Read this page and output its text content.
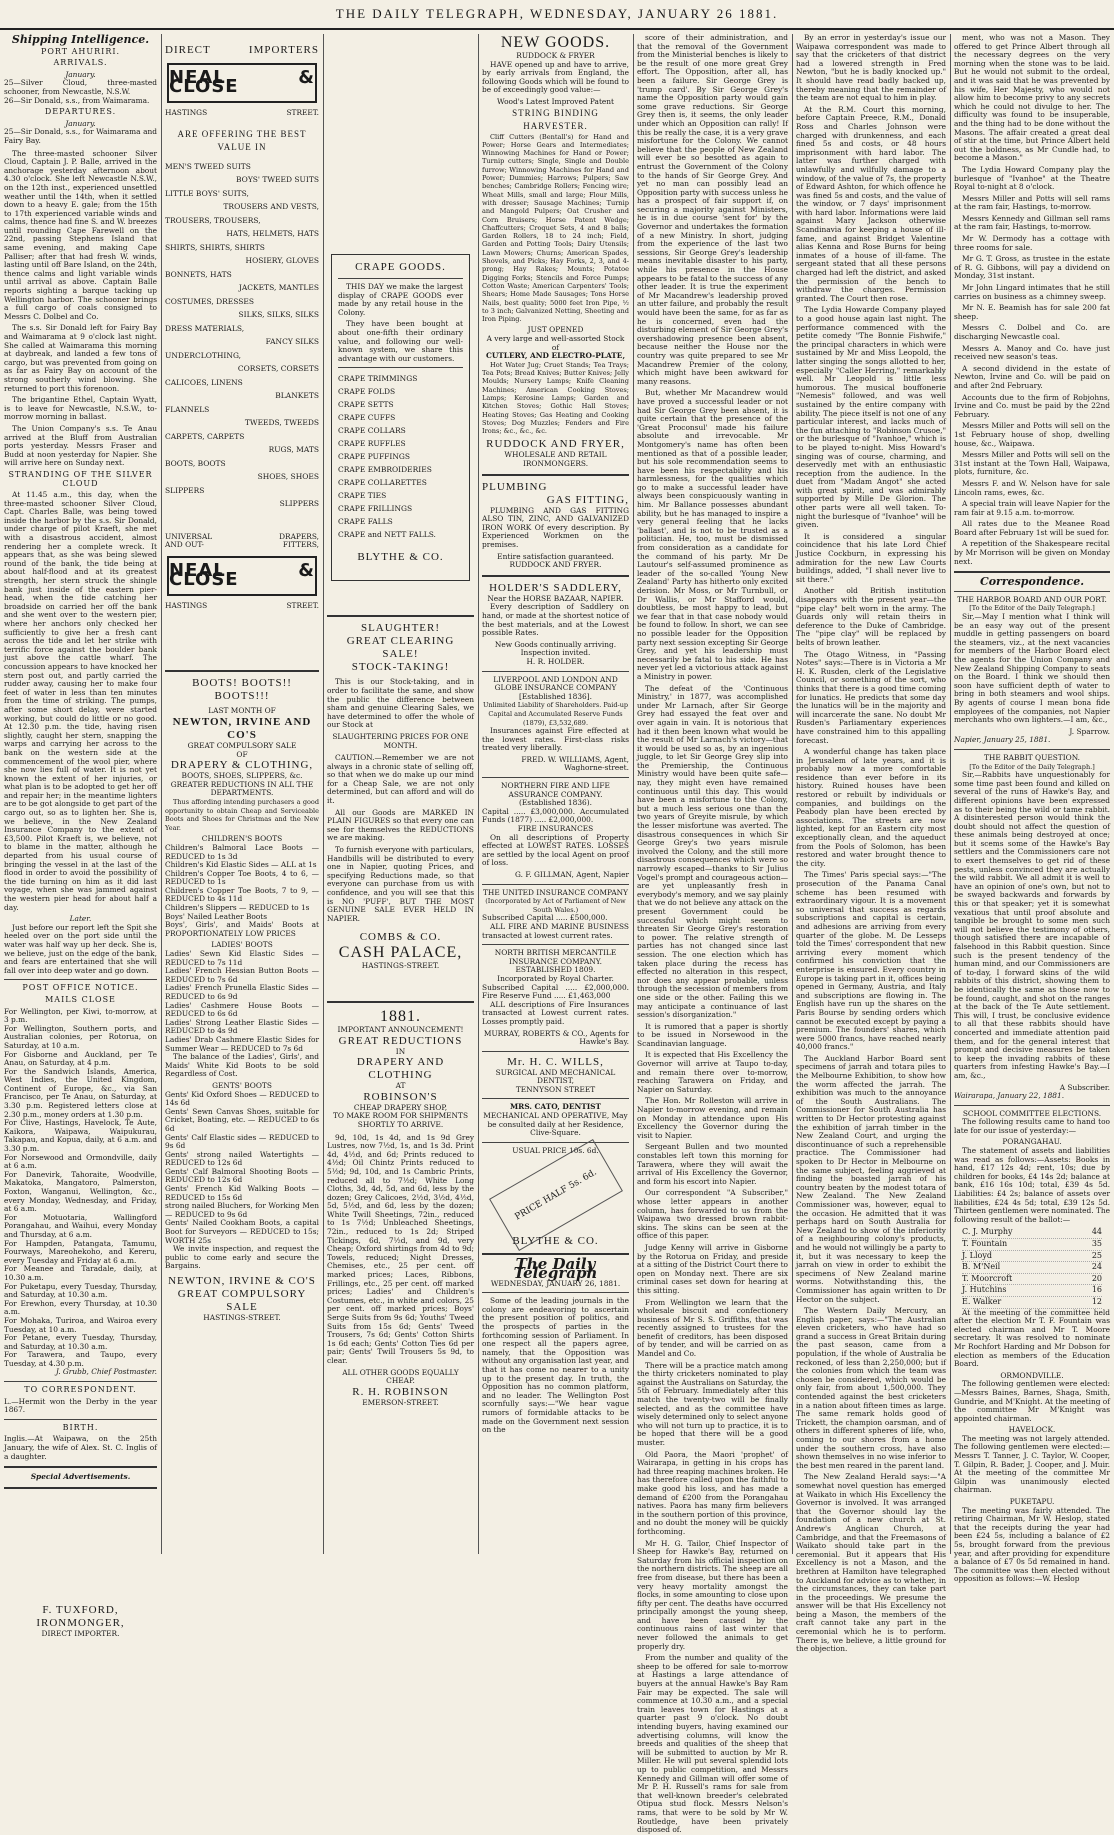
THE DAILY TELEGRAPH, WEDNESDAY, JANUARY 26 1881.
Shipping Intelligence.
PORT AHURIRI.
ARRIVALS.
January.
25—Silver Cloud, three-masted schooner, from Newcastle, N.S.W.
26—Sir Donald, s.s., from Waimarama.
DEPARTURES.
January.
25—Sir Donald, s.s., for Waimarama and Fairy Bay.

The three-masted schooner Silver Cloud, Captain J. P. Balle, arrived in the anchorage yesterday afternoon about 4.30 o'clock. She left Newcastle N.S.W., on the 12th inst., experienced unsettled weather until the 14th, when it settled down to a heavy E. gale; from the 15th to 17th experienced variable winds and calms, thence had fine S. and W. breezes until rounding Cape Farewell on the 22nd, passing Stephens Island that same evening, and making Cape Palliser; after that had fresh W. winds, lasting until off Bare Island, on the 24th, thence calms and light variable winds until arrival as above. Captain Balle reports sighting a barque tacking up Wellington harbor. The schooner brings a full cargo of coals consigned to Messrs C. Dolbel and Co.

The s.s. Sir Donald left for Fairy Bay and Waimarama at 9 o'clock last night. She called at Waimarama this morning at daybreak, and landed a few tons of cargo, but was prevented from going on as far as Fairy Bay on account of the strong southerly wind blowing. She returned to port this forenoon.

The brigantine Ethel, Captain Wyatt, is to leave for Newcastle, N.S.W., to-morrow morning in ballast.

The Union Company's s.s. Te Anau arrived at the Bluff from Australian ports yesterday. Messrs Fraser and Budd at noon yesterday for Napier. She will arrive here on Sunday next.

STRANDING OF THE SILVER CLOUD

At 11.45 a.m., this day, when the three-masted schooner Silver Cloud, Capt. Charles Balle, was being towed inside the harbor by the s.s. Sir Donald, under charge of pilot Kraeft, she met with a disastrous accident, almost rendering her a complete wreck. It appears that, as she was being slewed round of the bank, the tide being at about half-flood and at its greatest strength, her stern struck the shingle bank just inside of the eastern pier-head, when the tide catching her broadside on carried her off the bank and she went over to the western pier, where her anchors only checked her sufficiently to give her a fresh cant across the tide and let her strike with terrific force against the boulder bank just above the cattle wharf. The concussion appears to have knocked her stern post out, and partly carried the rudder away, causing her to make four feet of water in less than ten minutes from the time of striking. The pumps, after some short delay, were started working, but could do little or no good. At 12.30 p.m. the tide, having risen slightly, caught her stern, snapping the warps and carrying her across to the bank on the western side at the commencement of the wool pier, where she now lies full of water. It is not yet known the extent of her injuries, or what plan is to be adopted to get her off and repair her; in the meantime lighters are to be got alongside to get part of the cargo out, so as to lighten her. She is, we believe, in the New Zealand Insurance Company to the extent of £3,500. Pilot Kraeft is, we believe, not to blame in the matter, although he departed from his usual course of bringing the vessel in at the last of the flood in order to avoid the possibility of the tide turning on him as it did last voyage, when she was jammed against the western pier head for about half a day.

Later.

Just before our report left the Spit she heeled over on the port side until the water was half way up her deck. She is, we believe, just on the edge of the bank, and fears are entertained that she will fall over into deep water and go down.

POST OFFICE NOTICE.
MAILS CLOSE
For Wellington, per Kiwi, to-morrow, at 3 p.m.
For Wellington, Southern ports, and Australian colonies, per Rotorua, on Saturday, at 10 a.m.
For Gisborne and Auckland, per Te Anau, on Saturday, at 4 p.m.
For the Sandwich Islands, America, West Indies, the United Kingdom, Continent of Europe, &c., via San Francisco, per Te Anau, on Saturday, at 3.30 p.m. Registered letters close at 2.30 p.m., money orders at 1.30 p.m.
For Clive, Hastings, Havelock, Te Aute, Kaikora, Waipawa, Waipukurau, Takapau, and Kopua, daily, at 6 a.m. and 3.30 p.m.
For Norsewood and Ormondville, daily at 6 a.m.
For Danevirk, Tahoraite, Woodville, Makatoka, Mangatoro, Palmerston, Foxton, Wanganui, Wellington, &c., every Monday, Wednesday, and Friday, at 6 a.m.
For Motuotaria, Wallingford Porangahau, and Waihui, every Monday and Thursday, at 6 a.m.
For Hampden, Patangata, Tamumu, Fourways, Mareohekoho, and Kereru, every Tuesday and Friday at 6 a.m.
For Meanee and Taradale, daily, at 10.30 a.m.
For Puketapu, every Tuesday, Thursday, and Saturday, at 10.30 a.m.
For Erewhon, every Thursday, at 10.30 a.m.
For Mohaka, Turiroa, and Wairoa every Tuesday, at 10 a.m.
For Petane, every Tuesday, Thursday, and Saturday, at 10.30 a.m.
For Tarawera, and Taupo, every Tuesday, at 4.30 p.m.
J. Grubb, Chief Postmaster.
TO CORRESPONDENT.
L.—Hermit won the Derby in the year 1867.
BIRTH.
Inglis.—At Waipawa, on the 25th January, the wife of Alex. St. C. Inglis of a daughter.
Special Advertisements.
F. TUXFORD,
IRONMONGER,
DIRECT IMPORTER.
DIRECT	IMPORTERS
NEAL & CLOSE
HASTINGS	STREET.
ARE OFFERING THE BEST VALUE IN
MEN'S TWEED SUITS
BOYS' TWEED SUITS
LITTLE BOYS' SUITS,
TROUSERS AND VESTS,
TROUSERS, TROUSERS,
HATS, HELMETS, HATS
SHIRTS, SHIRTS, SHIRTS
HOSIERY, GLOVES
BONNETS, HATS
JACKETS, MANTLES
COSTUMES, DRESSES
SILKS, SILKS, SILKS
DRESS MATERIALS,
FANCY SILKS
UNDERCLOTHING,
CORSETS, CORSETS
CALICOES, LINENS
BLANKETS
FLANNELS
TWEEDS, TWEEDS
CARPETS, CARPETS
RUGS, MATS
BOOTS, BOOTS
SHOES, SHOES
SLIPPERS
SLIPPERS
UNIVERSAL	DRAPERS,
AND OUT-	FITTERS,
NEAL & CLOSE
HASTINGS	STREET.
BOOTS! BOOTS!! BOOTS!!!
LAST MONTH OF
NEWTON, IRVINE AND CO'S
GREAT COMPULSORY SALE
OF
DRAPERY & CLOTHING,
BOOTS, SHOES, SLIPPERS, &c.
GREATER REDUCTIONS IN ALL THE DEPARTMENTS.

Thus affording intending purchasers a good opportunity to obtain Cheap and Serviceable Boots and Shoes for Christmas and the New Year.

CHILDREN'S BOOTS
Children's Balmoral Lace Boots — REDUCED to 1s 3d
Children's Kid Elastic Sides — ALL at 1s
Children's Copper Toe Boots, 4 to 6, — REDUCED to 1s
Children's Copper Toe Boots, 7 to 9, — REDUCED to 4s 11d
Children's Slippers — REDUCED to 1s
Boys' Nailed Leather Boots
Boys', Girls', and Maids' Boots at PROPORTIONATELY LOW PRICES
LADIES' BOOTS
Ladies' Sewn Kid Elastic Sides — REDUCED to 7s 11d
Ladies' French Hessian Button Boots — REDUCED to 7s 6d
Ladies' French Prunella Elastic Sides — REDUCED to 6s 9d
Ladies' Cashmere House Boots — REDUCED to 6s 6d
Ladies' Strong Leather Elastic Sides — REDUCED to 4s 9d
Ladies' Drab Cashmere Elastic Sides for Summer Wear — REDUCED to 7s 6d

The balance of the Ladies', Girls', and Maids' White Kid Boots to be sold Regardless of Cost.

GENTS' BOOTS
Gents' Kid Oxford Shoes — REDUCED to 14s 6d
Gents' Sewn Canvas Shoes, suitable for Cricket, Boating, etc. — REDUCED to 6s 6d
Gents' Calf Elastic sides — REDUCED to 9s 6d
Gents' strong nailed Watertights — REDUCED to 12s 6d
Gents' Calf Balmoral Shooting Boots — REDUCED to 12s 6d
Gents' French Kid Walking Boots — REDUCED to 15s 6d
strong nailed Bluchers, for Working Men — REDUCED to 9s 6d
Gents' Nailed Cookham Boots, a capital Boot for Surveyors — REDUCED to 15s; WORTH 25s

We invite inspection, and request the public to come early and secure the Bargains.

NEWTON, IRVINE & CO'S
GREAT COMPULSORY SALE
HASTINGS-STREET.
CRAPE GOODS.

THIS DAY we make the largest display of CRAPE GOODS ever made by any retail house in the Colony.

They have been bought at about one-fifth their ordinary value, and following our well-known system, we share this advantage with our customers.

CRAPE TRIMMINGS
CRAPE FOLDS
CRAPE SETTS
CRAPE CUFFS
CRAPE COLLARS
CRAPE RUFFLES
CRAPE PUFFINGS
CRAPE EMBROIDERIES
CRAPE COLLARETTES
CRAPE TIES
CRAPE FRILLINGS
CRAPE FALLS
CRAPE and NETT FALLS.
BLYTHE & CO.
SLAUGHTER!
GREAT CLEARING SALE!
STOCK-TAKING!

This is our Stock-taking, and in order to facilitate the same, and show the public the difference between sham and genuine Clearing Sales, we have determined to offer the whole of our Stock at

SLAUGHTERING PRICES FOR ONE MONTH.

CAUTION.—Remember we are not always in a chronic state of selling off, so that when we do make up our mind for a Cheap Sale, we are not only determined, but can afford and will do it.

All our Goods are MARKED IN PLAIN FIGURES so that every one can see for themselves the REDUCTIONS we are making.

To furnish everyone with particulars, Handbills will be distributed to every one in Napier, quoting Prices, and specifying Reductions made, so that everyone can purchase from us with confidence, and you will see that this is NO 'PUFF', BUT THE MOST GENUINE SALE EVER HELD IN NAPIER.

COMBS & CO.
CASH PALACE,
HASTINGS-STREET.
1881.
IMPORTANT ANNOUNCEMENT!
GREAT REDUCTIONS
IN
DRAPERY AND CLOTHING
AT
ROBINSON'S
CHEAP DRAPERY SHOP,
TO MAKE ROOM FOR SHIPMENTS SHORTLY TO ARRIVE.

9d, 10d, 1s 4d, and 1s 9d Grey Lustres, now 7½d, 1s, and 1s 3d. Print 4d, 4½d, and 6d; Prints reduced to 4½d; Oil Chintz Prints reduced to 5½d; 9d, 10d, and 1s Cambric Prints, reduced all to 7½d; White Long Cloths, 3d, 4d, 5d, and 6d, less by the dozen; Grey Calicoes, 2½d, 3½d, 4½d, 5d, 5½d, and 6d, less by the dozen; White Twill Sheetings, 72in., reduced to 1s 7½d; Unbleached Sheetings, 72in., reduced to 1s 2d; Striped Tickings, 6d, 7½d, and 9d, very Cheap; Oxford shirtings from 4d to 9d; Towels, reduced; Night Dresses, Chemises, etc., 25 per cent. off marked prices; Laces, Ribbons, Frillings, etc., 25 per cent. off marked prices; Ladies' and Children's Costumes, etc., in white and colors, 25 per cent. off marked prices; Boys' Serge Suits from 9s 6d; Youths' Tweed Suits from 15s 6d; Gents' Tweed Trousers, 7s 6d; Gents' Cotton Shirts 1s 6d each; Gents' Cotton Ties 6d per pair; Gents' Twill Trousers 5s 9d, to clear.

ALL OTHER GOODS EQUALLY CHEAP.
R. H. ROBINSON
EMERSON-STREET.
NEW GOODS.
RUDDOCK & FRYER

HAVE opened up and have to arrive, by early arrivals from England, the following Goods which will be found to be of exceedingly good value:—

Wood's Latest Improved Patent
STRING BINDING HARVESTER.

Cliff Cutters (Bentall's) for Hand and Power; Horse Gears and Intermediates; Winnowing Machines for Hand or Power; Turnip cutters; Single, Single and Double furrow; Winnowing Machines for Hand and Power; Dummies; Harrows; Pulpers; Saw benches; Cambridge Rollers; Fencing wire; Wheat Mills, small and large; Flour Mills, with dresser; Sausage Machines; Turnip and Mangold Pulpers; Oat Crusher and Corn Bruisers; Horse Patent Wedge; Chaffcutters; Croquet Sets, 4 and 8 balls; Garden Rollers, 18 to 24 inch; Field, Garden and Potting Tools; Dairy Utensils; Lawn Mowers; Churns; American Spades, Shovels, and Picks; Hay Forks, 2, 3, and 4-prong; Hay Rakes; Mounts; Potatoe Digging Forks; Stencils and Force Pumps; Cotton Waste; American Carpenters' Tools; Shears; Home Made Sausages; Tons Horse Nails, best quality; 5000 feet Iron Pipe, ½ to 3 inch; Galvanized Netting, Sheeting and Iron Piping.

JUST OPENED
A very large and well-assorted Stock of
CUTLERY, AND ELECTRO-PLATE,

Hot Water Jug; Cruet Stands; Tea Trays; Tea Pots; Bread Knives; Butter Knives; Jelly Moulds; Nursery Lamps; Knife Cleaning Machines; American Cooking Stoves; Lamps; Kerosine Lamps; Garden and Kitchen Stoves; Gothic Hall Stoves; Heating Stoves; Gas Heating and Cooking Stoves; Dog Muzzles; Fenders and Fire Irons; &c., &c., &c.

RUDDOCK AND FRYER,
WHOLESALE AND RETAIL
IRONMONGERS.
PLUMBING
GAS FITTING,

PLUMBING AND GAS FITTING ALSO TIN, ZINC, AND GALVANIZED IRON WORK Of every description. By Experienced Workmen on the premises.

Entire satisfaction guaranteed.
RUDDOCK AND FRYER.
HOLDER'S SADDLERY,
Near the HORSE BAZAAR, NAPIER.

Every description of Saddlery on hand, or made at the shortest notice of the best materials, and at the Lowest possible Rates.

New Goods continually arriving. Inspection invited.
H. R. HOLDER.
LIVERPOOL AND LONDON AND GLOBE INSURANCE COMPANY
[Established 1836].
Unlimited Liability of Shareholders. Paid-up Capital and Accumulated Reserve Funds (1879), £3,532,689.

Insurances against Fire effected at the lowest rates. First-class risks treated very liberally.

FRED. W. WILLIAMS, Agent, Waghorne-street.
NORTHERN FIRE AND LIFE ASSURANCE COMPANY.
(Established 1836).
Capital ..... £3,000,000. Accumulated Funds (1877) ..... £2,000,000.
FIRE INSURANCES

On all descriptions of Property effected at LOWEST RATES. LOSSES are settled by the local Agent on proof of loss.

G. F. GILLMAN, Agent, Napier
THE UNITED INSURANCE COMPANY
(Incorporated by Act of Parliament of New South Wales.)
Subscribed Capital ..... £500,000.

ALL FIRE AND MARINE BUSINESS transacted at lowest current rates.

NORTH BRITISH MERCANTILE INSURANCE COMPANY.
ESTABLISHED 1809.
Incorporated by Royal Charter.
Subscribed Capital ..... £2,000,000. Fire Reserve Fund ..... £1,463,000

ALL descriptions of Fire Insurances transacted at Lowest current rates. Losses promptly paid.

MURRAY, ROBERTS & CO., Agents for Hawke's Bay.
Mr. H. C. WILLS,
SURGICAL AND MECHANICAL DENTIST,
TENNYSON STREET
MRS. CATO, DENTIST
MECHANICAL AND OPERATIVE, May be consulted daily at her Residence, Clive-Square.
USUAL PRICE 10s. 6d.
PRICE HALF 5s. 6d.
BLYTHE & CO.
The Daily Telegraph
WEDNESDAY, JANUARY 26, 1881.

Some of the leading journals in the colony are endeavoring to ascertain the present position of politics, and the prospects of parties in the forthcoming session of Parliament. In one respect all the papers agree, namely, that the Opposition was without any organisation last year, and that it has come no nearer to a unity up to the present day. In truth, the Opposition has no common platform, and no leader. The Wellington Post scornfully says:—"We hear vague rumors of formidable attacks to be made on the Government next session on the

score of their administration, and that the removal of the Government from the Ministerial benches is likely to be the result of one more great Grey effort. The Opposition, after all, has been a failure. Sir George Grey is 'trump card'. By Sir George Grey's name the Opposition party would gain some grave reductions. Sir George Grey then is, it seems, the only leader under which an Opposition can rally! If this be really the case, it is a very grave misfortune for the Colony. We cannot believe that the people of New Zealand will ever be so besotted as again to entrust the Government of the Colony to the hands of Sir George Grey. And yet no man can possibly lead an Opposition party with success unless he has a prospect of fair support if, on securing a majority against Ministers, he is in due course 'sent for' by the Governor and undertakes the formation of a new Ministry. In short, judging from the experience of the last two sessions, Sir George Grey's leadership means inevitable disaster to his party, while his presence in the House appears to be fatal to the success of any other leader. It is true the experiment of Mr Macandrew's leadership proved an utter failure, and probably the result would have been the same, for as far as he is concerned, even had the disturbing element of Sir George Grey's overshadowing presence been absent, because neither the House nor the country was quite prepared to see Mr Macandrew Premier of the colony, which might have been awkward for many reasons.

But, whether Mr Macandrew would have proved a successful leader or not had Sir George Grey been absent, it is quite certain that the presence of the 'Great Proconsul' made his failure absolute and irrevocable. Mr Montgomery's name has often been mentioned as that of a possible leader, but his sole recommendation seems to have been his respectability and his harmlessness, for the qualities which go to make a successful leader have always been conspicuously wanting in him. Mr Ballance possesses abundant ability, but he has managed to inspire a very general feeling that he lacks 'ballast', and is not to be trusted as a politician. He, too, must be dismissed from consideration as a candidate for the command of his party. Mr De Lautour's self-assumed prominence as leader of the so-called 'Young New Zealand' Party has hitherto only excited derision. Mr Moss, or Mr Turnbull, or Dr Wallis, or Mr Stafford would, doubtless, be most happy to lead, but we fear that in that case nobody would be found to follow. In short, we can see no possible leader for the Opposition party next session excepting Sir George Grey, and yet his leadership must necessarily be fatal to his side. He has never yet led a victorious attack against a Ministry in power.

The defeat of the 'Continuous Ministry,' in 1877, was accomplished under Mr Larnach, after Sir George Grey had essayed the feat over and over again in vain. It is notorious that had it then been known what would be the result of Mr Larnach's victory—that it would be used so as, by an ingenious juggle, to let Sir George Grey slip into the Premiership, the Continuous Ministry would have been quite safe—nay, they might even have remained continuous until this day. This would have been a misfortune to the Colony, but a much less serious one than the two years of Greyite misrule, by which the lesser misfortune was averted. The disastrous consequences in which Sir George Grey's two years misrule involved the Colony, and the still more disastrous consequences which were so narrowly escaped—thanks to Sir Julius Vogel's prompt and courageous action—are yet unpleasantly fresh in everybody's memory, and we say plainly that we do not believe any attack on the present Government could be successful which might seem to threaten Sir George Grey's restoration to power. The relative strength of parties has not changed since last session. The one election which has taken place during the recess has effected no alteration in this respect, nor does any appear probable, unless through the secession of members from one side or the other. Failing this we may anticipate a continuance of last session's disorganization."

It is rumored that a paper is shortly to be issued in Norsewood in the Scandinavian language.

It is expected that His Excellency the Governor will arrive at Taupo to-day, and remain there over to-morrow, reaching Tarawera on Friday, and Napier on Saturday.

The Hon. Mr Rolleston will arrive in Napier to-morrow evening, and remain on Monday in attendance upon His Excellency the Governor during the visit to Napier.

Sergeant Bullen and two mounted constables left town this morning for Tarawera, where they will await the arrival of His Excellency the Governor, and form his escort into Napier.

Our correspondent "A Subscriber," whose letter appears in another column, has forwarded to us from the Waipawa two dressed brown rabbit-skins. The skins can be seen at the office of this paper.

Judge Kenny will arrive in Gisborne by the Rotorua on Friday, and preside at a sitting of the District Court there to open on Monday next. There are six criminal cases set down for hearing at this sitting.

From Wellington we learn that the wholesale biscuit and confectionery business of Mr S. S. Griffiths, that was recently assigned to trustees for the benefit of creditors, has been disposed of by tender, and will be carried on as Mandel and Co.

There will be a practice match among the thirty cricketers nominated to play against the Australians on Saturday, the 5th of February. Immediately after this match the twenty-two will be finally selected, and as the committee have wisely determined only to select anyone who will not turn up to practice, it is to be hoped that there will be a good muster.

Old Paora, the Maori 'prophet' of Wairarapa, in getting in his crops has had three reaping machines broken. He has therefore called upon the faithful to make good his loss, and has made a demand of £200 from the Porangahau natives. Paora has many firm believers in the southern portion of this province, and no doubt the money will be quickly forthcoming.

Mr H. G. Tailor, Chief Inspector of Sheep for Hawke's Bay, returned on Saturday from his official inspection on the northern districts. The sheep are all free from disease, but there has been a very heavy mortality amongst the flocks, in some amounting to close upon fifty per cent. The deaths have occurred principally amongst the young sheep, and have been caused by the continuous rains of last winter that never followed the animals to get properly dry.

From the number and quality of the sheep to be offered for sale to-morrow at Hastings a large attendance of buyers at the annual Hawke's Bay Ram Fair may be expected. The sale will commence at 10.30 a.m., and a special train leaves town for Hastings at a quarter past 9 o'clock. No doubt intending buyers, having examined our advertising columns, will know the breeds and qualities of the sheep that will be submitted to auction by Mr R. Miller. He will put several splendid lots up to public competition, and Messrs Kennedy and Gillman will offer some of Mr P. H. Russell's rams for sale from that well-known breeder's celebrated Otipua stud flock. Messrs Nelson's rams, that were to be sold by Mr W. Routledge, have been privately disposed of.

By an error in yesterday's issue our Waipawa correspondent was made to say that the cricketers of that district had a lowered strength in Fred Newton, "but he is badly knocked up." It should have read badly backed up, thereby meaning that the remainder of the team are not equal to him in play.

At the R.M. Court this morning, before Captain Preece, R.M., Donald Ross and Charles Johnson were charged with drunkenness, and each fined 5s and costs, or 48 hours imprisonment with hard labor. The latter was further charged with unlawfully and wilfully damage to a window, of the value of 7s, the property of Edward Ashton, for which offence he was fined 5s and costs, and the value of the window, or 7 days' imprisonment with hard labor. Informations were laid against Mary Jackson otherwise Scandinavia for keeping a house of ill-fame, and against Bridget Valentine alias Kenna and Rose Burns for being inmates of a house of ill-fame. The sergeant stated that all these persons charged had left the district, and asked the permission of the bench to withdraw the charges. Permission granted. The Court then rose.

The Lydia Howarde Company played to a good house again last night. The performance commenced with the petite comedy "The Bonnie Fishwife," the principal characters in which were sustained by Mr and Miss Leopold, the latter singing the songs allotted to her, especially "Caller Herring," remarkably well. Mr Leopold is little less humorous. The musical bouffonerie "Nemesis" followed, and was well sustained by the entire company with ability. The piece itself is not one of any particular interest, and lacks much of the fun attaching to "Robinson Crusoe," or the burlesque of "Ivanhoe," which is to be played to-night. Miss Howard's singing was of course, charming, and deservedly met with an enthusiastic reception from the audience. In the duet from "Madam Angot" she acted with great spirit, and was admirably supported by Mille De Glorion. The other parts were all well taken. To-night the burlesque of "Ivanhoe" will be given.

It is considered a singular coincidence that his late Lord Chief Justice Cockburn, in expressing his admiration for the new Law Courts buildings, added, "I shall never live to sit there."

Another old British institution disappears with the present year—the "pipe clay" belt worn in the army. The Guards only will retain theirs in deference to the Duke of Cambridge. The "pipe clay" will be replaced by belts of brown leather.

The Otago Witness, in "Passing Notes" says:—There is in Victoria a Mr H. K. Rusden, clerk of the Legislative Council, or something of the sort, who thinks that there is a good time coming for lunatics. He predicts that some day the lunatics will be in the majority and will incarcerate the sane. No doubt Mr Rusden's Parliamentary experiences have constrained him to this appalling forecast.

A wonderful change has taken place in Jerusalem of late years, and it is probably now a more comfortable residence than ever before in its history. Ruined houses have been restored or rebuilt by individuals or companies, and buildings on the Peabody plan have been erected by associations. The streets are now lighted, kept for an Eastern city most exceptionally clean, and the aqueduct from the Pools of Solomon, has been restored and water brought thence to the city.

The Times' Paris special says:—"The prosecution of the Panama Canal scheme has been resumed with extraordinary vigour. It is a movement so universal that success as regards subscriptions and capital is certain, and adhesions are arriving from every quarter of the globe. M. De Lesseps told the Times' correspondent that new arriving every moment which confirmed his conviction that the enterprise is ensured. Every country in Europe is taking part in it, offices being opened in Germany, Austria, and Italy and subscriptions are flowing in. The English have run up the shares on the Paris Bourse by sending orders which cannot be executed except by paying a premium. The founders' shares, which were 5000 francs, have reached nearly 40,000 francs."

The Auckland Harbor Board sent specimens of jarrah and totara piles to the Melbourne Exhibition, to show how the worm affected the jarrah. The exhibition was much to the annoyance of the South Australians. The Commissioner for South Australia has written to Dr Hector protesting against the exhibition of jarrah timber in the New Zealand Court, and urging the discontinuance of such a reprehensible practice. The Commissioner had spoken to Dr Hector in Melbourne on the same subject, feeling aggrieved at finding the boasted jarrah of his country beaten by the modest totara of New Zealand. The New Zealand Commissioner was, however, equal to the occasion. He admitted that it was perhaps hard on South Australia for New Zealand to show of the inferiority of a neighbouring colony's products, and he would not willingly be a party to it, but it was necessary to keep the jarrah on view in order to exhibit the specimens of New Zealand marine worms. Notwithstanding this, the Commissioner has again written to Dr Hector on the subject.

The Western Daily Mercury, an English paper, says:—"The Australian eleven cricketers, who have had so grand a success in Great Britain during the past season, came from a population, if the whole of Australia be reckoned, of less than 2,250,000; but if the colonies from which the team was chosen be considered, which would be only fair, from about 1,500,000. They contended against the best cricketers in a nation about fifteen times as large. The same remark holds good of Trickett, the champion oarsman, and of others in different spheres of life, who, coming to our shores from a home under the southern cross, have also shown themselves in no wise inferior to the best men reared in the parent land.

The New Zealand Herald says:—"A somewhat novel question has emerged at Waikato in which His Excellency the Governor is involved. It was arranged that the Governor should lay the foundation of a new church at St. Andrew's Anglican Church, at Cambridge, and that the Freemasons of Waikato should take part in the ceremonial. But it appears that His Excellency is not a Mason, and the brethren at Hamilton have telegraphed to Auckland for advice as to whether, in the circumstances, they can take part in the proceedings. We presume the answer will be that His Excellency not being a Mason, the members of the craft cannot take any part in the ceremonial which he is to perform. There is, we believe, a little ground for the objection.

ment, who was not a Mason. They offered to get Prince Albert through all the necessary degrees on the very morning when the stone was to be laid. But he would not submit to the ordeal, and it was said that he was prevented by his wife, Her Majesty, who would not allow him to become privy to any secrets which he could not divulge to her. The difficulty was found to be insuperable, and the thing had to be done without the Masons. The affair created a great deal of stir at the time, but Prince Albert held out the boldness, as Mr Cundle had, to become a Mason."

The Lydia Howard Company play the burlesque of "Ivanhoe" at the Theatre Royal to-night at 8 o'clock.

Messrs Miller and Potts will sell rams at the ram fair, Hastings, to-morrow.

Messrs Kennedy and Gillman sell rams at the ram fair, Hastings, to-morrow.

Mr W. Dermody has a cottage with three rooms for sale.

Mr G. T. Gross, as trustee in the estate of R. G. Gibbons, will pay a dividend on Monday, 31st instant.

Mr John Lingard intimates that he still carries on business as a chimney sweep.

Mr N. E. Beamish has for sale 200 fat sheep.

Messrs C. Dolbel and Co. are discharging Newcastle coal.

Messrs A. Manoy and Co. have just received new season's teas.

A second dividend in the estate of Newton, Irvine and Co. will be paid on and after 2nd February.

Accounts due to the firm of Robjohns, Irvine and Co. must be paid by the 22nd February.

Messrs Miller and Potts will sell on the 1st February house of shop, dwelling house, &c., Waipawa.

Messrs Miller and Potts will sell on the 31st instant at the Town Hall, Waipawa, plots, furniture, &c.

Messrs F. and W. Nelson have for sale Lincoln rams, ewes, &c.

A special train will leave Napier for the ram fair at 9.15 a.m. to-morrow.

All rates due to the Meanee Road Board after February 1st will be sued for.

A repetition of the Shakespeare recital by Mr Morrison will be given on Monday next.

Correspondence.
THE HARBOR BOARD AND OUR PORT.
[To the Editor of the Daily Telegraph.]

Sir,—May I mention what I think will be an easy way out of the present muddle in getting passengers on board the steamers, viz., at the next vacancies for members of the Harbor Board elect the agents for the Union Company and New Zealand Shipping Company to seats on the Board. I think we should then soon have sufficient depth of water to bring in both steamers and wool ships. By agents of course I mean bona fide employees of the companies, not Napier merchants who own lighters.—I am, &c.,

J. Sparrow.
Napier, January 25, 1881.
THE RABBIT QUESTION.
[To the Editor of the Daily Telegraph.]

Sir,—Rabbits have unquestionably for some time past been found and killed on several of the runs of Hawke's Bay, and different opinions have been expressed as to their being the wild or tame rabbit. A disinterested person would think the doubt should not affect the question of these animals being destroyed at once; but it scems some of the Hawke's Bay settlers and the Commissioners care not to exert themselves to get rid of these pests, unless convinced they are actually the wild rabbit. We all admit it is well to have an opinion of one's own, but not to be swayed backwards and forwards by this or that speaker; yet it is somewhat vexatious that until proof absolute and tangible be brought to some men such will not believe the testimony of others, though satisfied there are incapable of falsehood in this Rabbit question. Since such is the present tendency of the human mind, and our Commissioners are of to-day, I forward skins of the wild rabbits of this district, showing them to be identically the same as those now to be found, caught, and shot on the ranges at the back of the Te Aute settlement. This will, I trust, be conclusive evidence to all that these rabbits should have concerted and immediate attention paid them, and for the general interest that prompt and decisive measures be taken to keep the invading rabbits of these quarters from infesting Hawke's Bay.—I am, &c.,

A Subscriber.
Wairarapa, January 22, 1881.
SCHOOL COMMITTEE ELECTIONS.

The following results came to hand too late for our issue of yesterday:—

PORANGAHAU.

The statement of assets and liabilities was read as follows:—Assets: Books in hand, £17 12s 4d; rent, 10s; due by children for books, £4 14s 2d; balance at bank, £16 16s 10d; total, £39 4s 5d. Liabilities: £4 2s; balance of assets over liabilities, £24 4s 5d; total, £39 12s 5d. Thirteen gentlemen were nominated. The following result of the ballot:—

C. J. Murphy	44
T. Fountain	35
J. Lloyd	25
B. M'Neil	24
T. Moorcroft	20
J. Hutchins	16
E. Walker	12

At the meeting of the committee held after the election Mr T. F. Fountain was elected chairman and Mr T. Moore secretary. It was resolved to nominate Mr Rochfort Harding and Mr Dobson for election as members of the Education Board.

ORMONDVILLE.

The following gentlemen were elected:—Messrs Baines, Barnes, Shaga, Smith, Gundrie, and M'Knight. At the meeting of the committee Mr M'Knight was appointed chairman.

HAVELOCK.

The meeting was not largely attended. The following gentlemen were elected:—Messrs T. Tanner, J. C. Taylor, W. Cooper, T. Gilpin, R. Bader, J. Cooper, and J. Muir. At the meeting of the committee Mr Gilpin was unanimously elected chairman.

PUKETAPU.

The meeting was fairly attended. The retiring Chairman, Mr W. Heslop, stated that the receipts during the year had been £24 5s, including a balance of £2 5s, brought forward from the previous year, and after providing for expenditure a balance of £7 0s 5d remained in hand. The committee was then elected without opposition as follows:—W. Heslop
